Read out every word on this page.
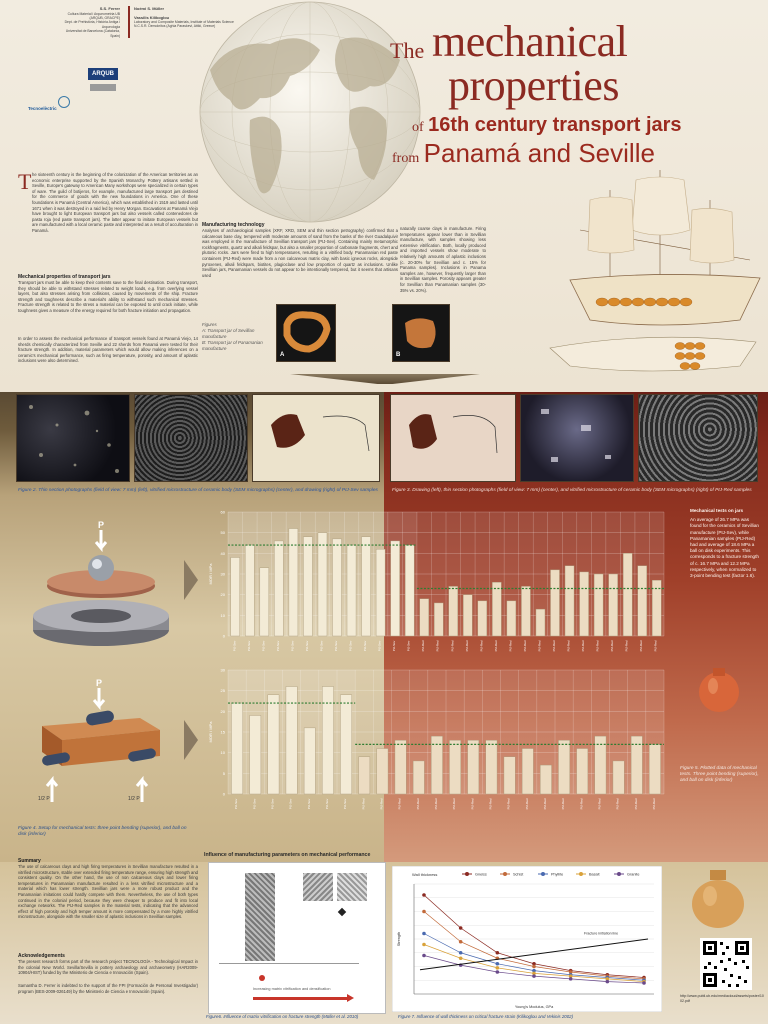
S.S. Ferrer
Cultura Material i Arqueometria UB (ARQUB, GRACPE)
Dept. de Prehistòria, Història Antiga i Arqueologia
Universitat de Barcelona (Catalonia, Spain)
Noémi S. Müller
Vassilis Kilikoglou
Laboratory and Composite Materials, Institute of Materials Science
N.C.S.R. Demokritos (Aghia Paraskevi, Attiki, Greece)
ARQUB
Tecnoelèctric
The mechanical
properties
of 16th century transport jars
from Panamá and Seville
T he sixteenth century is the beginning of the colonization of the American territories as an economic enterprise supported by the Spanish Monarchy. Pottery artisans settled in Seville, Europe's gateway to American Many workshops were specialized in certain types of ware. The guild of botijeros, for example, manufactured large transport jars destined for the commerce of goods with the new foundations in America. One of these foundations is Panamá (Central America), which was established in 1519 and lasted until 1671 when it was destroyed in a raid led by Henry Morgan. Excavations at Panamá Viejo have brought to light European transport jars but also vessels called contenedores de pasta roja (red paste transport jars). The latter appear to imitate European vessels but are manufactured with a local ceramic paste and interpreted as a result of acculturation in Panamá.
Mechanical properties of transport jars
Transport jars must be able to keep their contents save to the final destination. During transport, they should be able to withstand stresses related to weight loads, e.g. from overlying vessel layers, but also stresses arising from collisions, caused by movements of the ship. Fracture strength and toughness describe a material's ability to withstand such mechanical stresses. Fracture strength is related to the stress a material can be exposed to until crack initiate, while toughness gives a measure of the energy required for both fracture initiation and propagation.
In order to assess the mechanical performance of transport vessels found at Panamá Viejo, 14 sherds chemically characterized from Seville and 22 sherds from Panamá were tested for their fracture strength. In addition, material parameters which would allow making inferences on a ceramic's mechanical performance, such as firing temperature, porosity, and amount of aplastic inclusions were also determined.
Manufacturing technology
Analyses of archaeological samples (XRF, XRD, SEM and thin section petrography) confirmed that a calcareous base clay, tempered with moderate amounts of sand from the banks of the river Guadalquivir was employed in the manufacture of Sevillian transport jars (PIJ-Sev). Containing mainly metamorphic rockfragments, quartz and alkali feldspar, but also a smaller proportion of carbonate fragments, chert and plutonic rocks. Jars were fired to high temperatures, resulting in a vitrified body. Panamanian red paste containers (PIJ-Red) were made from a non calcareous matrix clay, with basic igneous rocks, alongside pyroxenes, alkali feldspars, biotites, plagioclase and low proportion of quartz as inclusions. Unlike Sevillian jars, Panamanian vessels do not appear to be intentionally tempered, but it seems that artisans used
naturally coarse clays in manufacture. Firing temperatures appear lower than in Sevillian manufacture, with samples showing less extensive vitrification. Both, locally produced and imported vessels show moderate to relatively high amounts of aplastic inclusions (c. 20-30% for Sevillian and c. 15% for Panama samples). Inclusions in Panama samples are, however, frequently larger than in Sevillian samples. Porosity appears greater for Sevillian than Panamanian samples (30-35% vs. 20%).
Figures
A: Transport jar of Sevillian manufacture
B: Transport jar of Panamanian manufacture
A	B
Figure 2. Thin section photographs (field of view: 7 mm) (left), vitrified microstructure of ceramic body (SEM micrographs) (center), and drawing (right) of PIJ-Sev samples	Figure 3. Drawing (left), thin section photographs (field of view: 7 mm) (center), and vitrified microstructure of ceramic body (SEM micrographs) (right) of PIJ-Red samples
P
P
1/2 P	1/2 P
0
10
20
30
40
50
60
PIJ-Sev	PIJ-Sev	PIJ-Sev	PIJ-Sev	PIJ-Sev	PIJ-Sev	PIJ-Sev	PIJ-Sev	PIJ-Sev	PIJ-Sev	PIJ-Sev	PIJ-Sev	PIJ-Sev	PIJ-Red	PIJ-Red	PIJ-Red	PIJ-Red	PIJ-Red	PIJ-Red	PIJ-Red	PIJ-Red	PIJ-Red	PIJ-Red	PIJ-Red	PIJ-Red	PIJ-Red	PIJ-Red	PIJ-Red	PIJ-Red	PIJ-Red
MOR / MPa
0
5
10
15
20
25
30
PIJ-Sev	PIJ-Sev	PIJ-Sev	PIJ-Sev	PIJ-Sev	PIJ-Sev	PIJ-Sev	PIJ-Red	PIJ-Red	PIJ-Red	PIJ-Red	PIJ-Red	PIJ-Red	PIJ-Red	PIJ-Red	PIJ-Red	PIJ-Red	PIJ-Red	PIJ-Red	PIJ-Red	PIJ-Red	PIJ-Red	PIJ-Red	PIJ-Red
MOR / MPa
Mechanical tests on jars
An average of 26.7 MPa was found for the ceramics of Sevillian manufacture (PIJ-Sev), while Panamanian samples (PIJ-Red) had and average of 18.6 MPa a ball on disk experiments. This corresponds to a fracture strength of c. 16.7 MPa and 12.2 MPa respectively, when normalized to 3-point bending test (factor 1.6).
Figure 5. Plotted data of mechanical tests. Three point bending (superior), and ball on disk (inferior)
Figure 4. Setup for mechanical tests: three point bending (superior), and ball on disk (inferior)
Summary
The use of calcareous clays and high firing temperatures in Sevillian manufacture resulted in a vitrified microstructure, stable over extended firing temperature range, ensuring high strength and consistent quality. On the other hand, the use of non calcareous clays and lower firing temperatures in Panamanian manufacture resulted in a less vitrified microstructure and a material which has lower strength. Sevillian jars were a more robust product and the Panamanian imitations could hardly compete with them. Nevertheless, the use of both types continued in the colonial period, because they were cheaper to produce and fit into local exchange networks. The PIJ-Red samples in the material tests, indicating that the advanced effect of high porosity and high temper amount is more compensated by a more highly vitrified microstructure, alongside with the smaller size of aplastic inclusions in Sevillian samples.
Acknowledgements
The present research forms part of the research project TECNOLOGÍA - Technological Impact in the colonial New World. Sevilla/Sevilla in pottery archaeology and archaeometry (HAR2009-10904/HIST) funded by the Ministerio de Ciencia e Innovación (Spain).
Samantha D. Ferrer is indebted to the support of the FPI (Formación de Personal Investigador) program (BES-2009-026149) by the Ministerio de Ciencia e Innovación (Spain).
Influence of manufacturing parameters on mechanical performance
Increasing matrix vitrification and densification
Figure6. Influence of matrix vitrification on fracture strength (Müller et al. 2010)
Wall thickness	Gneiss	Schist	Phyllite	Basalt	Granite
Fracture initiation line
Young's Modulus, GPa
Strength
Figure 7. Influence of wall thickness on critical fracture strain (Kilikoglou and Vekinis 2002)
http://www.publi.ub.edu/mediacloud/assets/poster/1002.pdf
